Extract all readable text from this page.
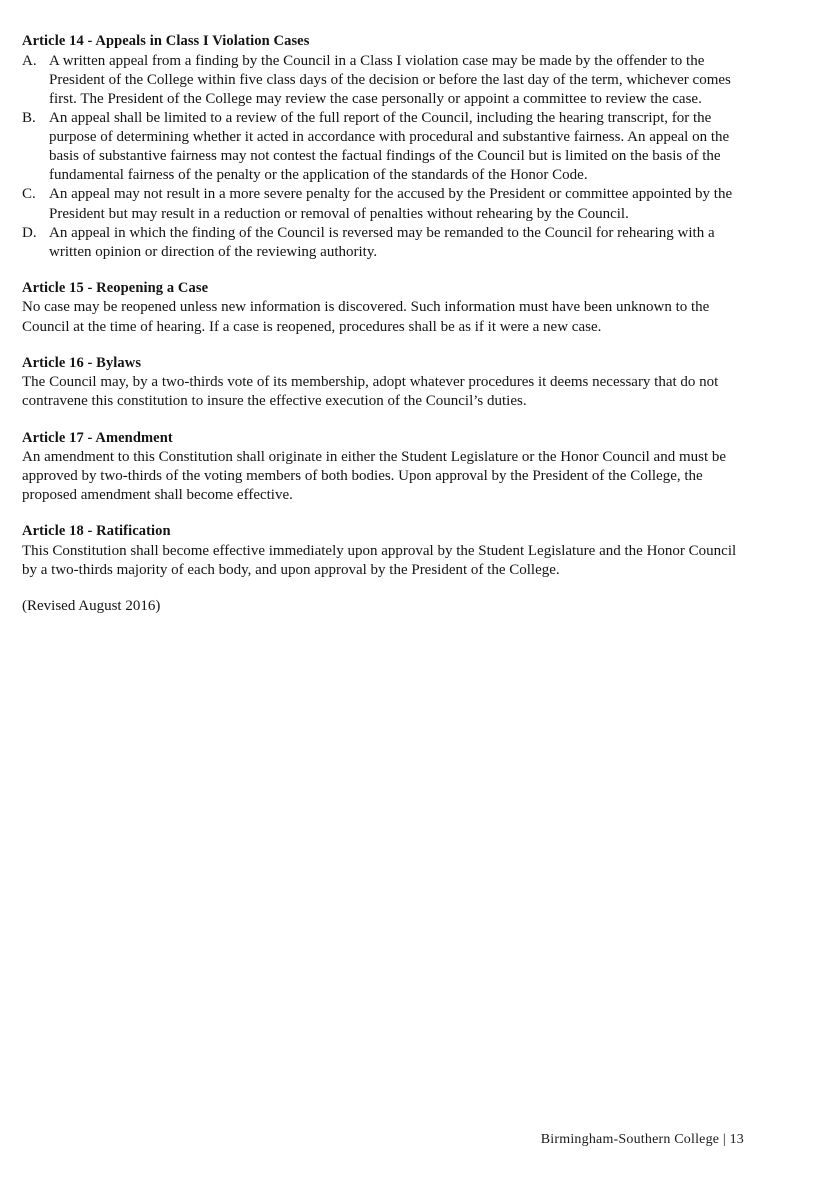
Article 14 - Appeals in Class I Violation Cases
A. A written appeal from a finding by the Council in a Class I violation case may be made by the offender to the President of the College within five class days of the decision or before the last day of the term, whichever comes first. The President of the College may review the case personally or appoint a committee to review the case.
B. An appeal shall be limited to a review of the full report of the Council, including the hearing transcript, for the purpose of determining whether it acted in accordance with procedural and substantive fairness. An appeal on the basis of substantive fairness may not contest the factual findings of the Council but is limited on the basis of the fundamental fairness of the penalty or the application of the standards of the Honor Code.
C. An appeal may not result in a more severe penalty for the accused by the President or committee appointed by the President but may result in a reduction or removal of penalties without rehearing by the Council.
D. An appeal in which the finding of the Council is reversed may be remanded to the Council for rehearing with a written opinion or direction of the reviewing authority.
Article 15 - Reopening a Case

No case may be reopened unless new information is discovered. Such information must have been unknown to the Council at the time of hearing. If a case is reopened, procedures shall be as if it were a new case.

Article 16 - Bylaws

The Council may, by a two-thirds vote of its membership, adopt whatever procedures it deems necessary that do not contravene this constitution to insure the effective execution of the Council’s duties.

Article 17 - Amendment

An amendment to this Constitution shall originate in either the Student Legislature or the Honor Council and must be approved by two-thirds of the voting members of both bodies. Upon approval by the President of the College, the proposed amendment shall become effective.

Article 18 - Ratification

This Constitution shall become effective immediately upon approval by the Student Legislature and the Honor Council by a two-thirds majority of each body, and upon approval by the President of the College.

(Revised August 2016)

Birmingham-Southern College | 13
